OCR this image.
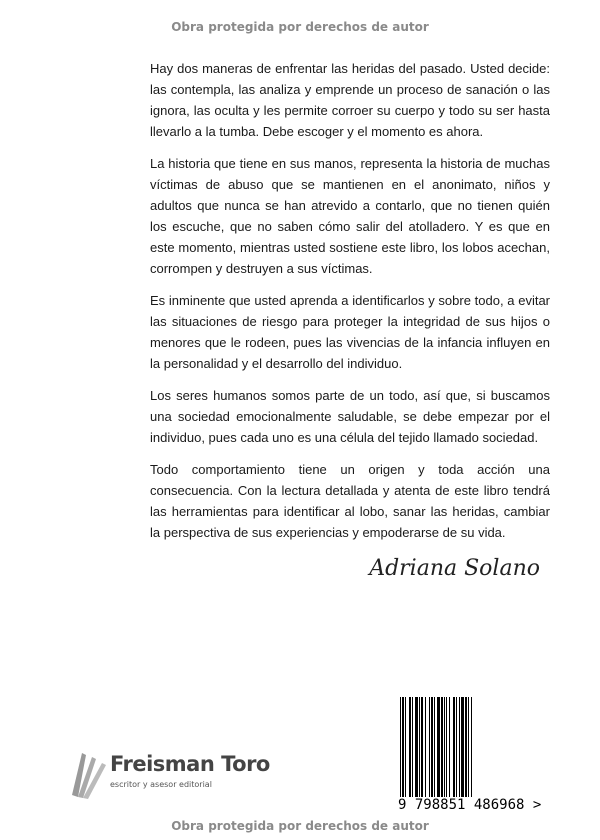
Obra protegida por derechos de autor

Hay dos maneras de enfrentar las heridas del pasado. Usted decide: las contempla, las analiza y emprende un proceso de sanación o las ignora, las oculta y les permite corroer su cuerpo y todo su ser hasta llevarlo a la tumba. Debe escoger y el momento es ahora.

La historia que tiene en sus manos, representa la historia de muchas víctimas de abuso que se mantienen en el anonimato, niños y adultos que nunca se han atrevido a contarlo, que no tienen quién los escuche, que no saben cómo salir del atolladero. Y es que en este momento, mientras usted sostiene este libro, los lobos acechan, corrompen y destruyen a sus víctimas.

Es inminente que usted aprenda a identificarlos y sobre todo, a evitar las situaciones de riesgo para proteger la integridad de sus hijos o menores que le rodeen, pues las vivencias de la infancia influyen en la personalidad y el desarrollo del individuo.

Los seres humanos somos parte de un todo, así que, si buscamos una sociedad emocionalmente saludable, se debe empezar por el individuo, pues cada uno es una célula del tejido llamado sociedad.

Todo comportamiento tiene un origen y toda acción una consecuencia. Con la lectura detallada y atenta de este libro tendrá las herramientas para identificar al lobo, sanar las heridas, cambiar la perspectiva de sus experiencias y empoderarse de su vida.

Adriana Solano
Freisman Toro
escritor y asesor editorial
9 798851 486968 >
Obra protegida por derechos de autor
